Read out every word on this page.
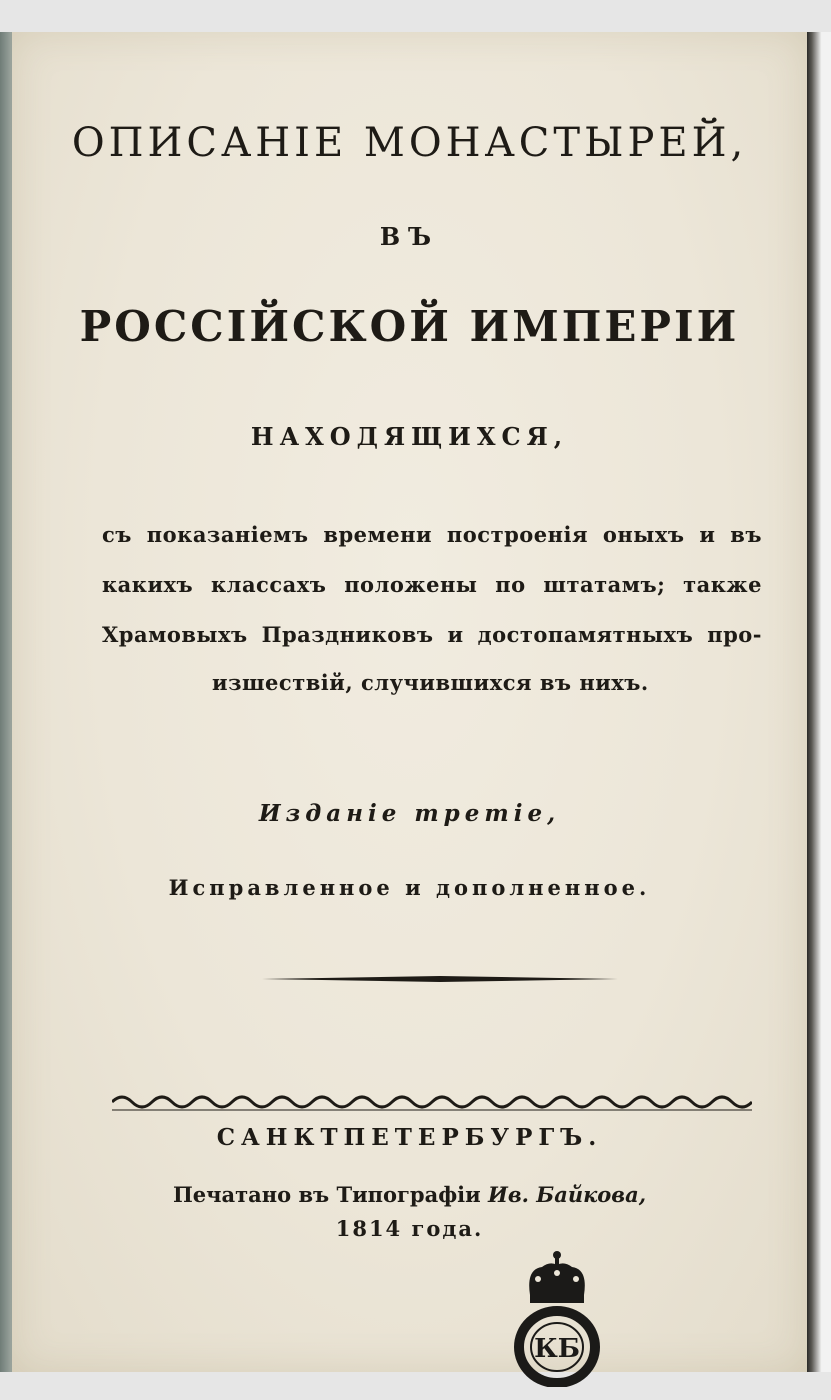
ОПИСАНIЕ МОНАСТЫРЕЙ,
ВЪ
РОССIЙСКОЙ ИМПЕРIИ
НАХОДЯЩИХСЯ,
съ показанiемъ времени построенiя оныхъ и въ
какихъ классахъ положены по штатамъ; также
Храмовыхъ Праздниковъ и достопамятныхъ про-
изшествiй, случившихся въ нихъ.
Изданiе третiе,
Исправленное и дополненное.
САНКТПЕТЕРБУРГЪ.
Печатано въ Типографiи Ив. Байкова,
1814 года.
КБ
